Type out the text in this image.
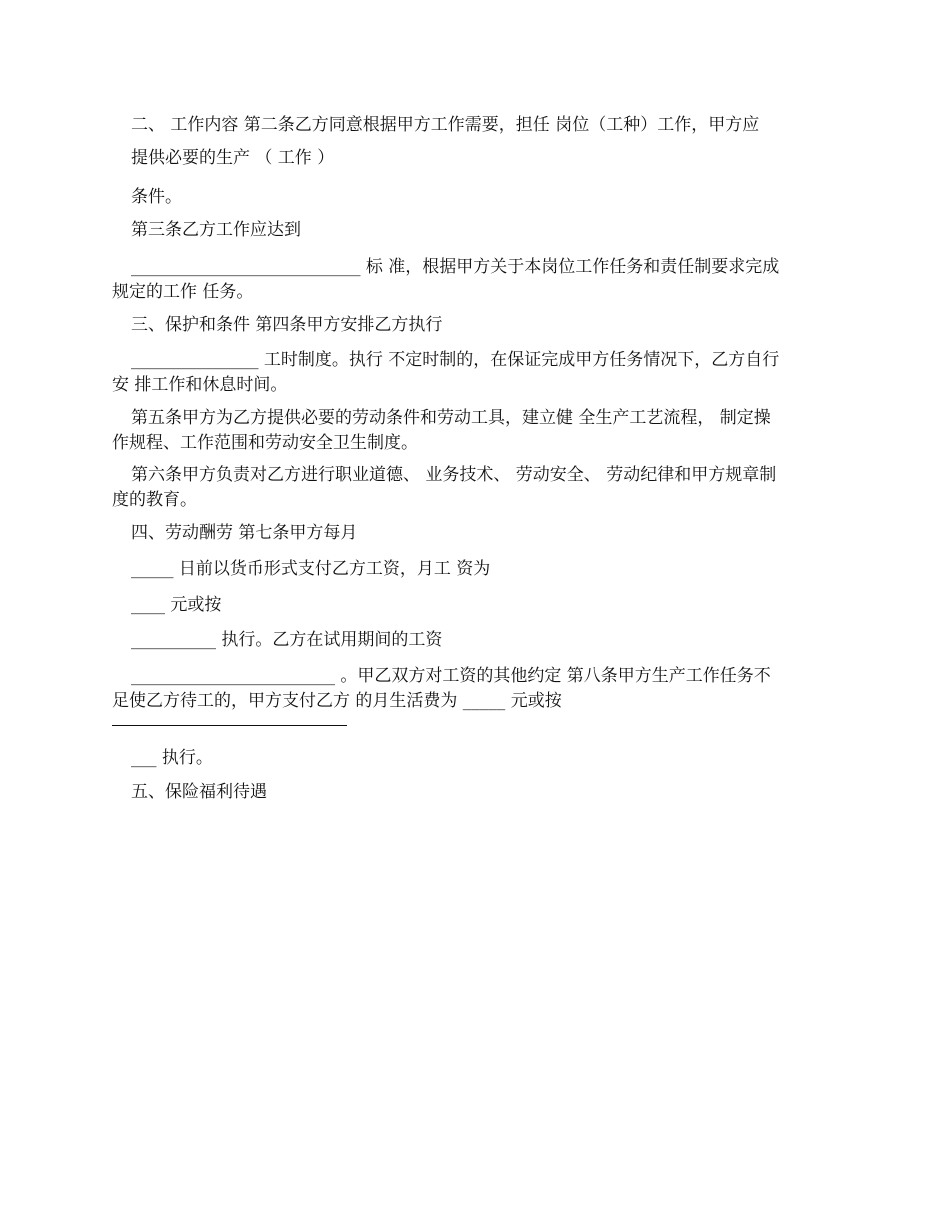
二、 工作内容 第二条乙方同意根据甲方工作需要，担任 岗位（工种）工作，甲方应

提供必要的生产 （ 工作 ）

条件。

第三条乙方工作应达到

___________________________ 标 准，根据甲方关于本岗位工作任务和责任制要求完成

规定的工作 任务。

三、保护和条件 第四条甲方安排乙方执行

_______________ 工时制度。执行 不定时制的，在保证完成甲方任务情况下，乙方自行

安 排工作和休息时间。

第五条甲方为乙方提供必要的劳动条件和劳动工具，建立健 全生产工艺流程， 制定操

作规程、工作范围和劳动安全卫生制度。

第六条甲方负责对乙方进行职业道德、 业务技术、 劳动安全、 劳动纪律和甲方规章制

度的教育。

四、劳动酬劳 第七条甲方每月

_____ 日前以货币形式支付乙方工资，月工 资为

____ 元或按

__________ 执行。乙方在试用期间的工资

________________________ 。甲乙双方对工资的其他约定 第八条甲方生产工作任务不

足使乙方待工的，甲方支付乙方 的月生活费为 _____ 元或按

___ 执行。

五、保险福利待遇
